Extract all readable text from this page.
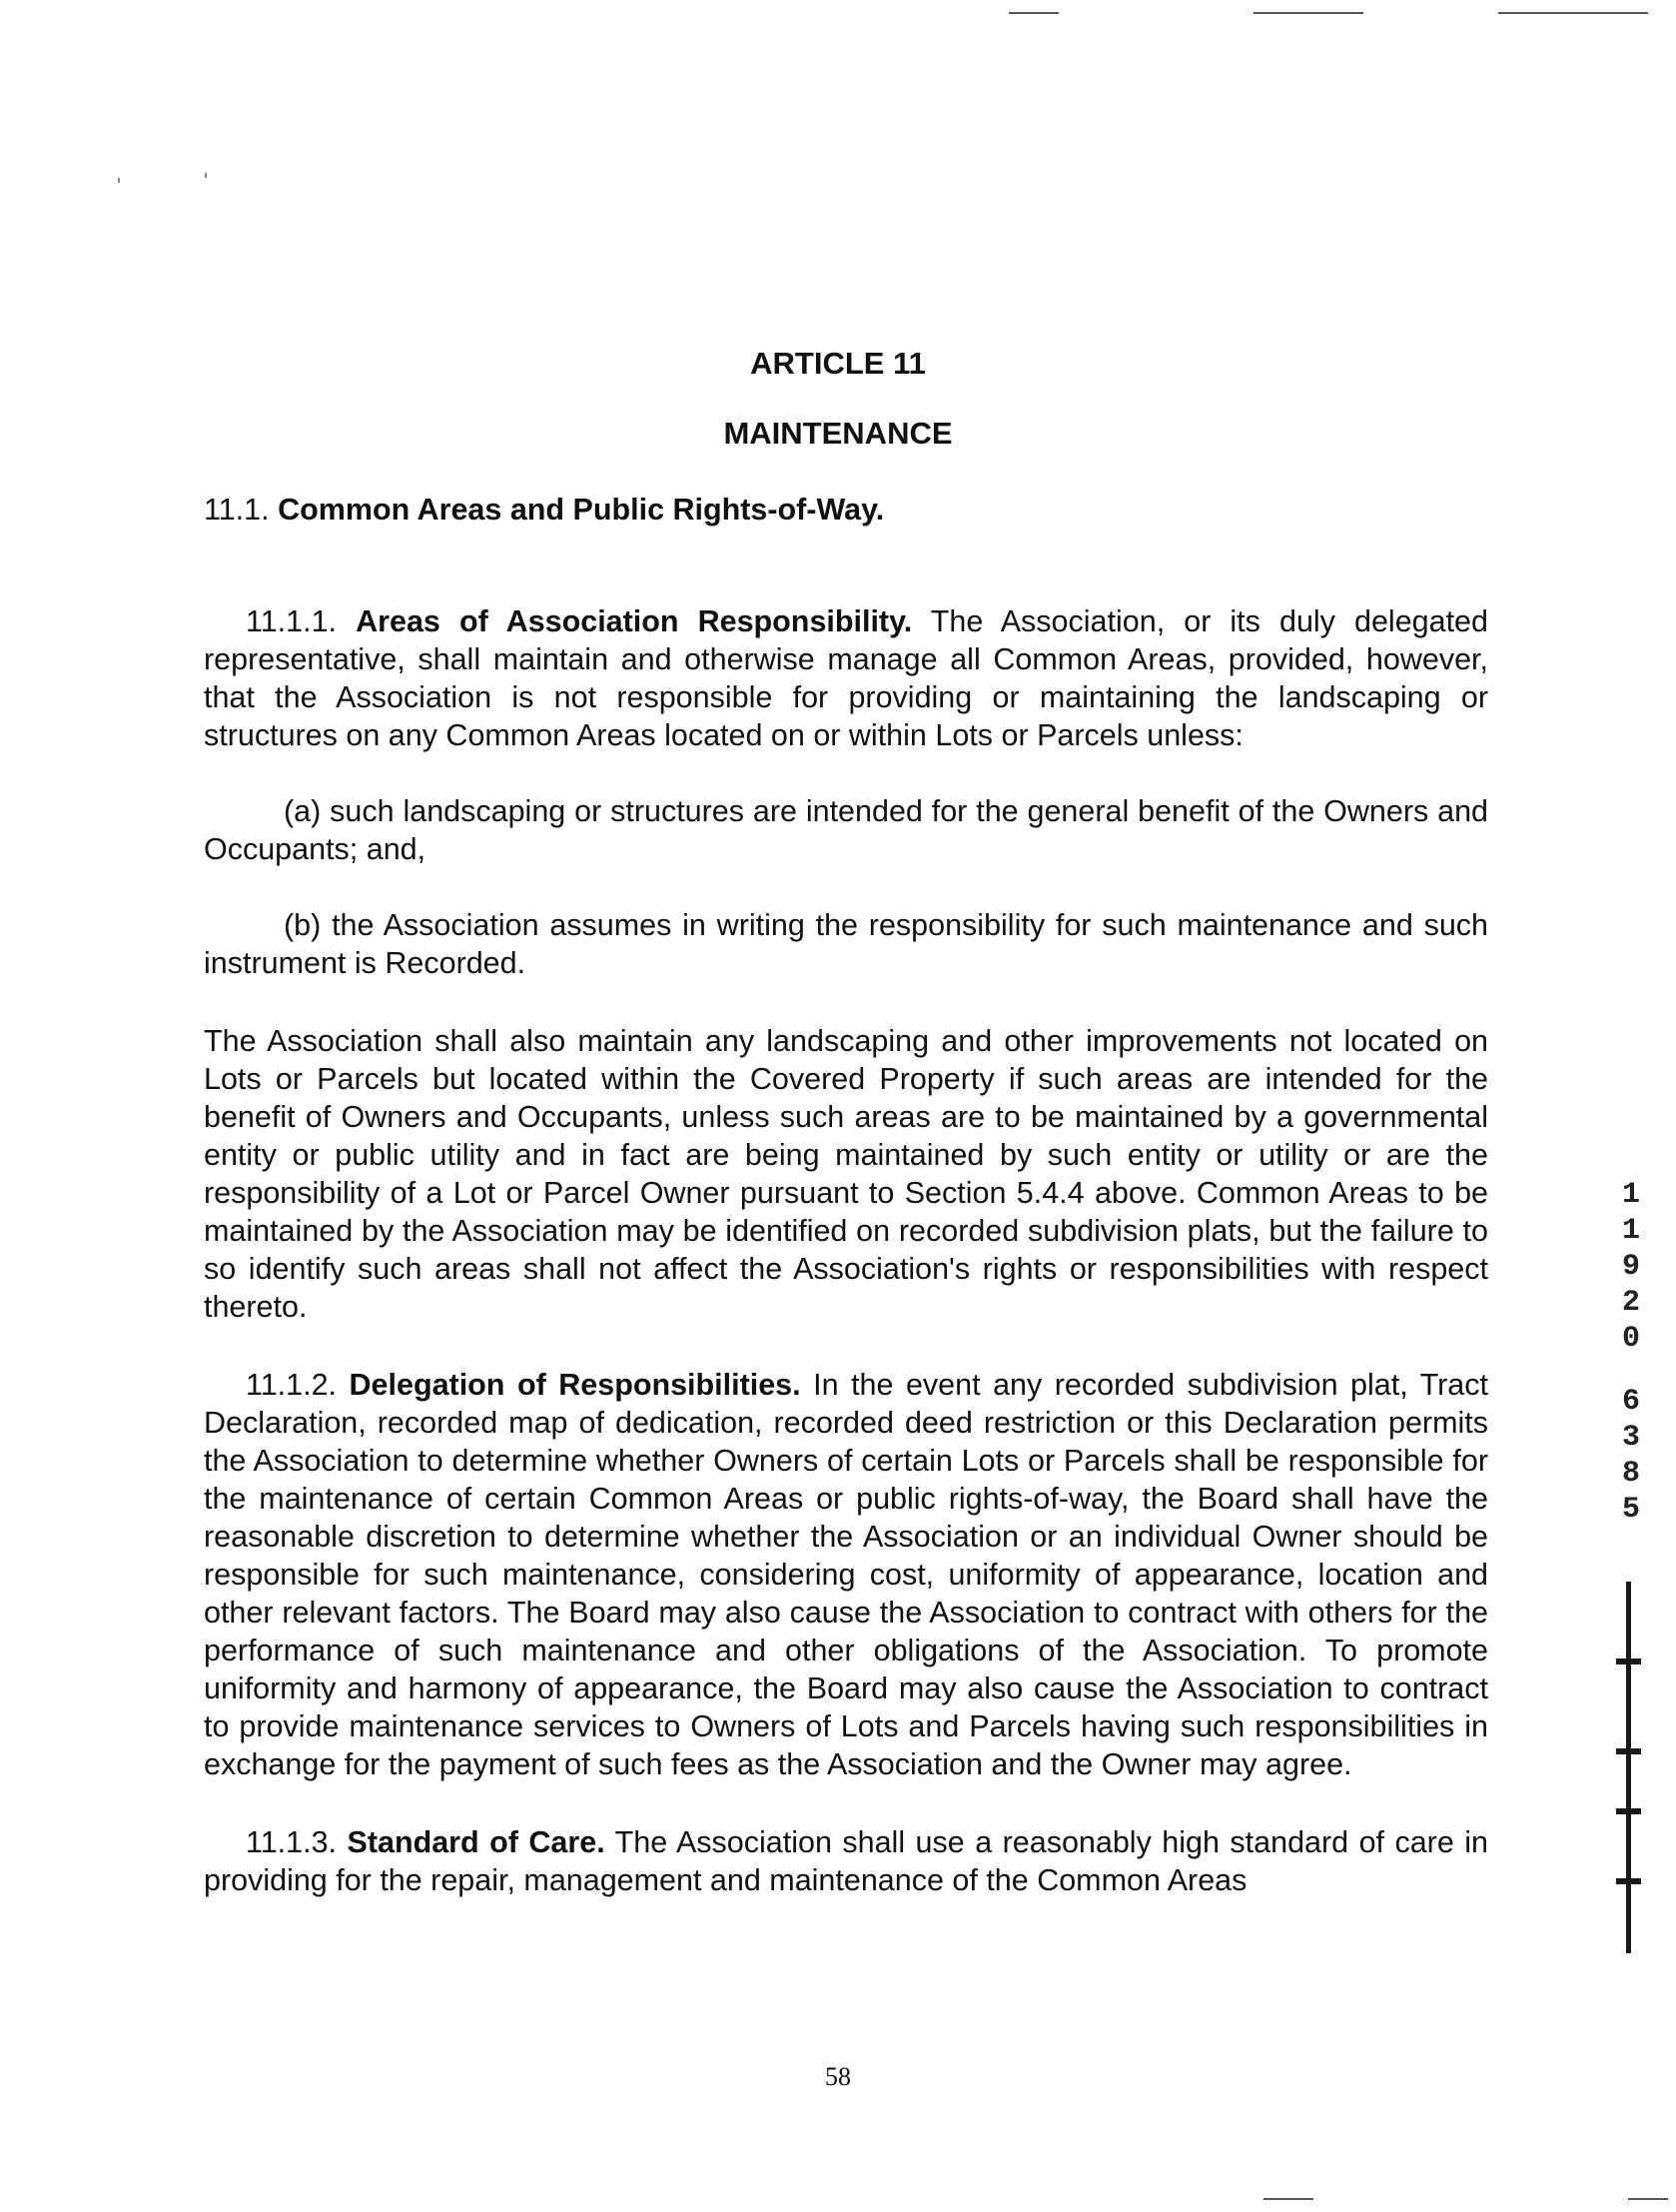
ARTICLE 11
MAINTENANCE

11.1. Common Areas and Public Rights-of-Way.

11.1.1. Areas of Association Responsibility. The Association, or its duly delegated representative, shall maintain and otherwise manage all Common Areas, provided, however, that the Association is not responsible for providing or maintaining the landscaping or structures on any Common Areas located on or within Lots or Parcels unless:

(a) such landscaping or structures are intended for the general benefit of the Owners and Occupants; and,

(b) the Association assumes in writing the responsibility for such maintenance and such instrument is Recorded.

The Association shall also maintain any landscaping and other improvements not located on Lots or Parcels but located within the Covered Property if such areas are intended for the benefit of Owners and Occupants, unless such areas are to be maintained by a governmental entity or public utility and in fact are being maintained by such entity or utility or are the responsibility of a Lot or Parcel Owner pursuant to Section 5.4.4 above. Common Areas to be maintained by the Association may be identified on recorded subdivision plats, but the failure to so identify such areas shall not affect the Association's rights or responsibilities with respect thereto.

11.1.2. Delegation of Responsibilities. In the event any recorded subdivision plat, Tract Declaration, recorded map of dedication, recorded deed restriction or this Declaration permits the Association to determine whether Owners of certain Lots or Parcels shall be responsible for the maintenance of certain Common Areas or public rights-of-way, the Board shall have the reasonable discretion to determine whether the Association or an individual Owner should be responsible for such maintenance, considering cost, uniformity of appearance, location and other relevant factors. The Board may also cause the Association to contract with others for the performance of such maintenance and other obligations of the Association. To promote uniformity and harmony of appearance, the Board may also cause the Association to contract to provide maintenance services to Owners of Lots and Parcels having such responsibilities in exchange for the payment of such fees as the Association and the Owner may agree.

11.1.3. Standard of Care. The Association shall use a reasonably high standard of care in providing for the repair, management and maintenance of the Common Areas

1
1
9
2
0
6
3
8
5
58
